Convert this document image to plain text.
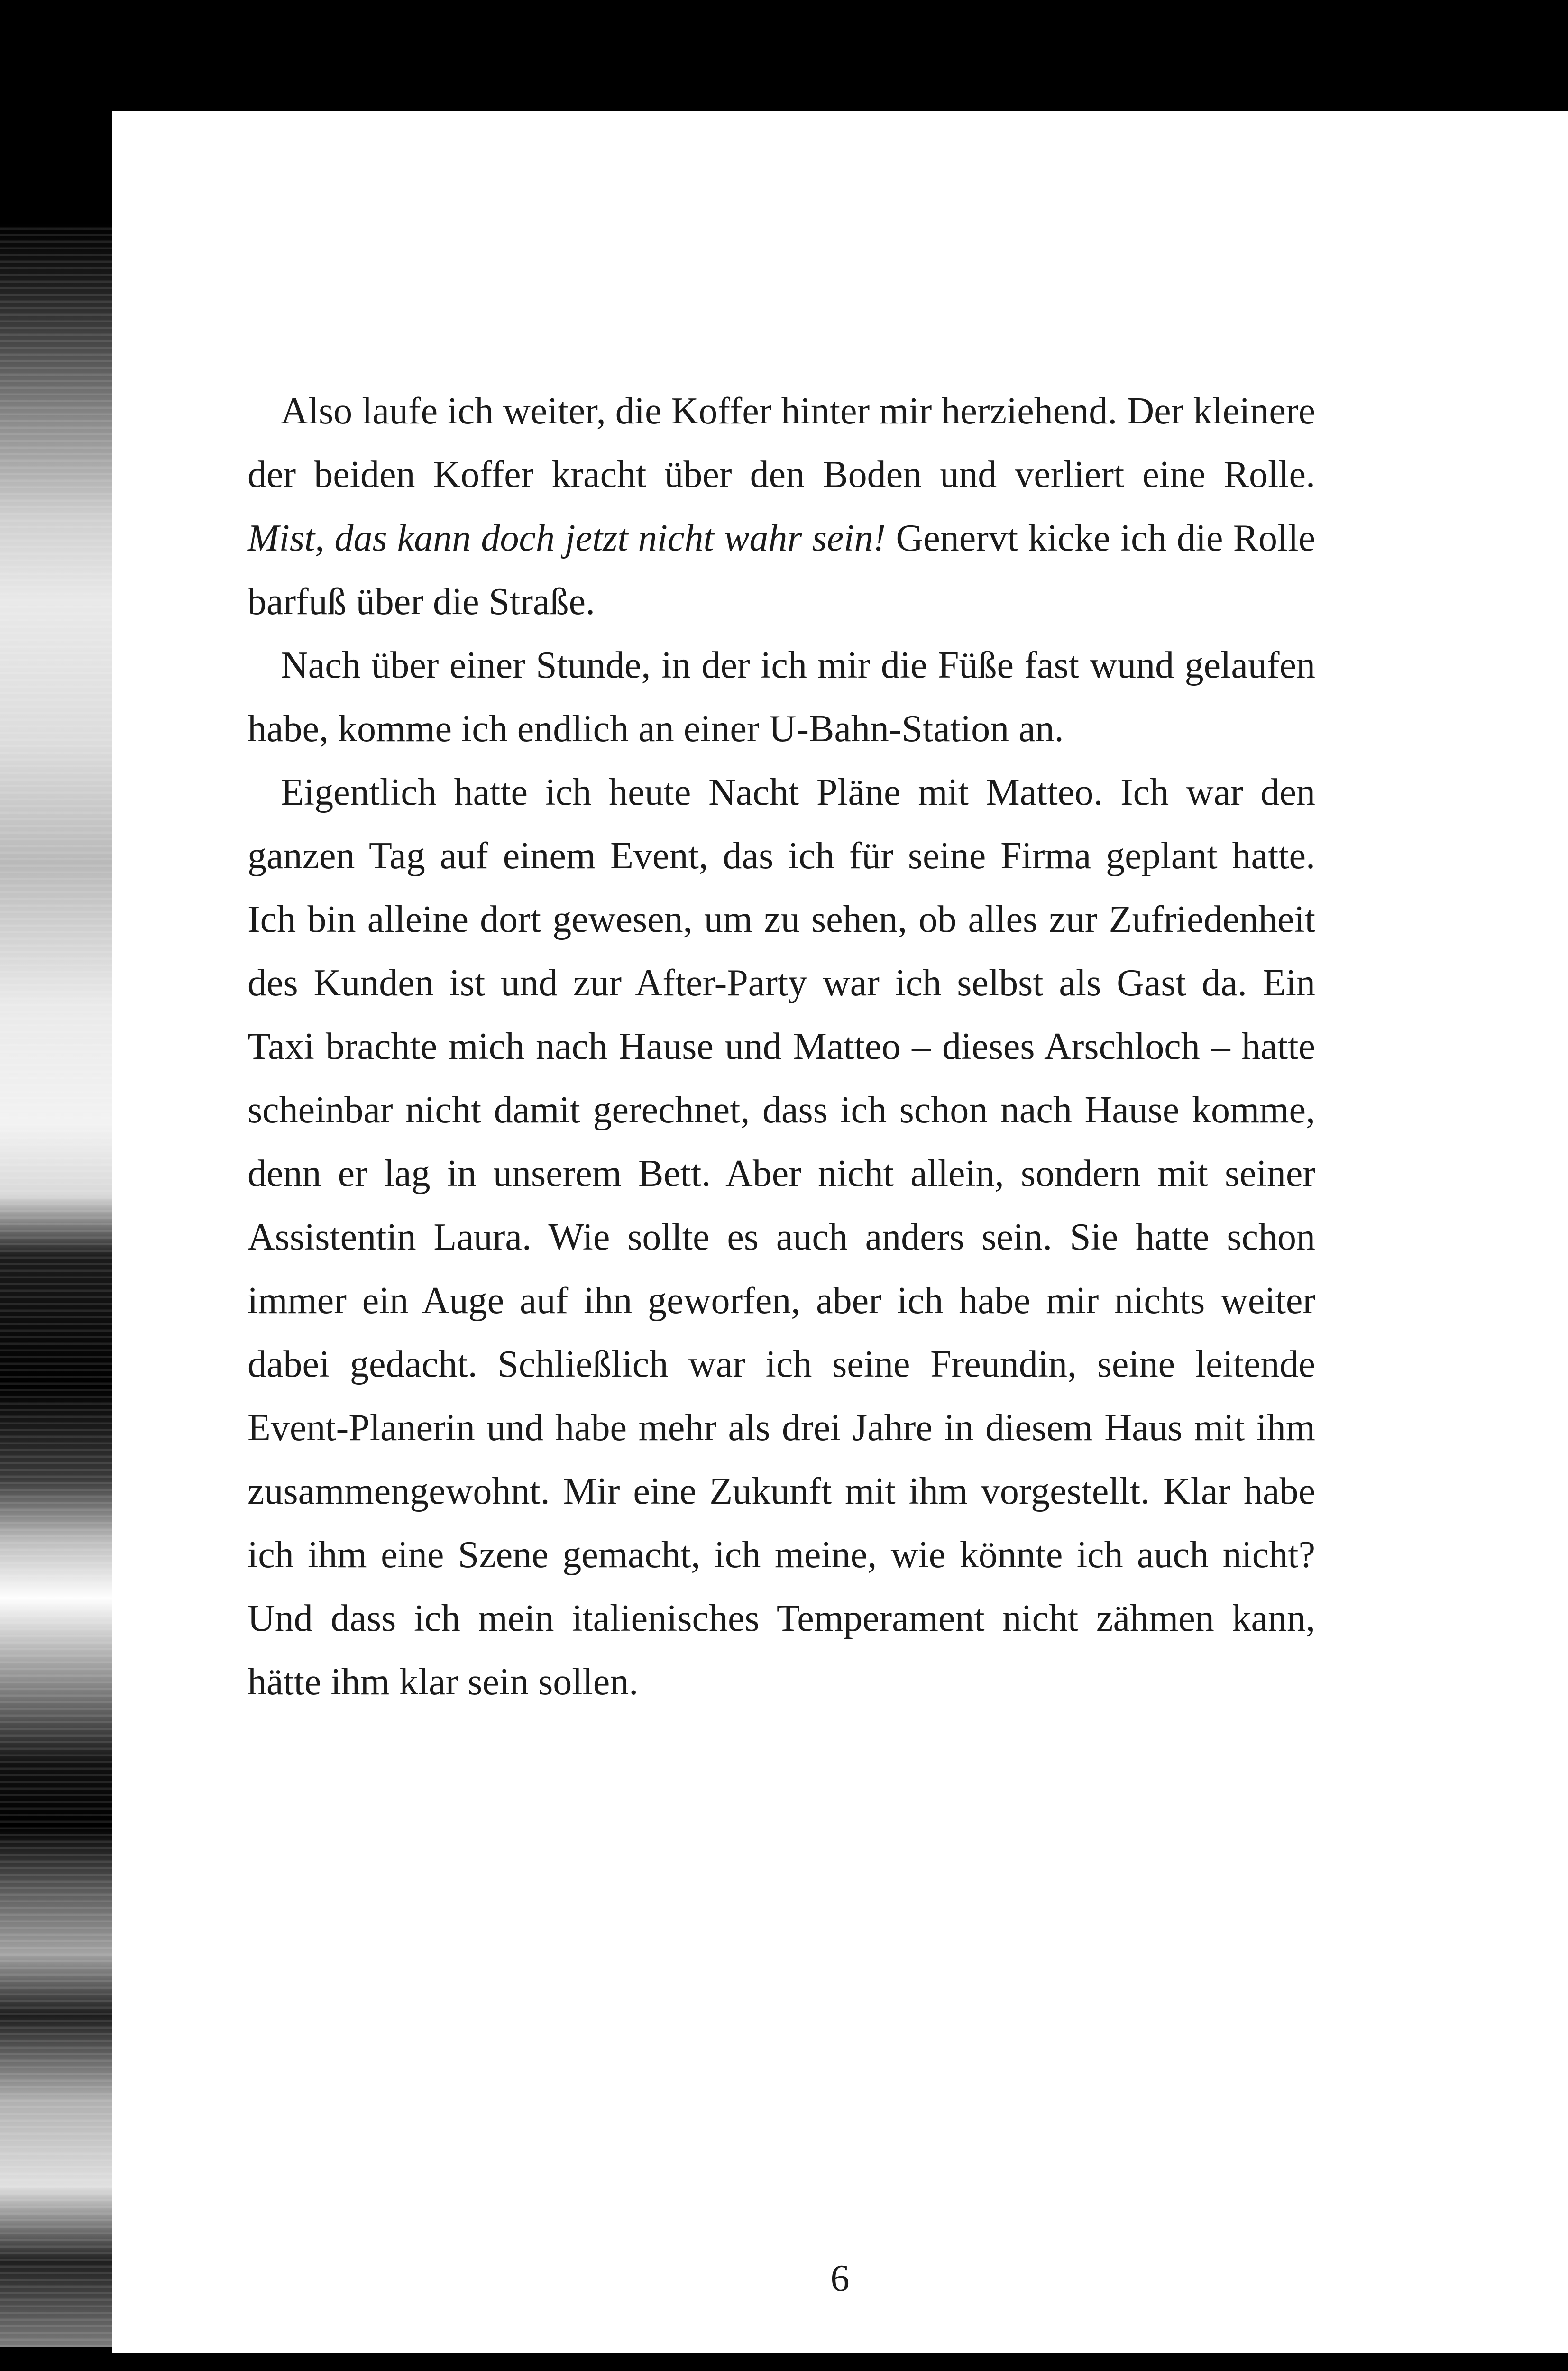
Also laufe ich weiter, die Koffer hinter mir herziehend. Der kleinere der beiden Koffer kracht über den Boden und verliert eine Rolle. Mist, das kann doch jetzt nicht wahr sein! Genervt kicke ich die Rolle barfuß über die Straße.

Nach über einer Stunde, in der ich mir die Füße fast wund gelaufen habe, komme ich endlich an einer U-Bahn-Station an.

Eigentlich hatte ich heute Nacht Pläne mit Matteo. Ich war den ganzen Tag auf einem Event, das ich für seine Firma geplant hatte. Ich bin alleine dort gewesen, um zu sehen, ob alles zur Zufriedenheit des Kunden ist und zur After-Party war ich selbst als Gast da. Ein Taxi brachte mich nach Hause und Matteo – dieses Arschloch – hatte scheinbar nicht damit gerechnet, dass ich schon nach Hause komme, denn er lag in unserem Bett. Aber nicht allein, sondern mit seiner Assistentin Laura. Wie sollte es auch anders sein. Sie hatte schon immer ein Auge auf ihn geworfen, aber ich habe mir nichts weiter dabei gedacht. Schließlich war ich seine Freundin, seine leitende Event-Planerin und habe mehr als drei Jahre in diesem Haus mit ihm zusammengewohnt. Mir eine Zukunft mit ihm vorgestellt. Klar habe ich ihm eine Szene gemacht, ich meine, wie könnte ich auch nicht? Und dass ich mein italienisches Temperament nicht zähmen kann, hätte ihm klar sein sollen.

6
